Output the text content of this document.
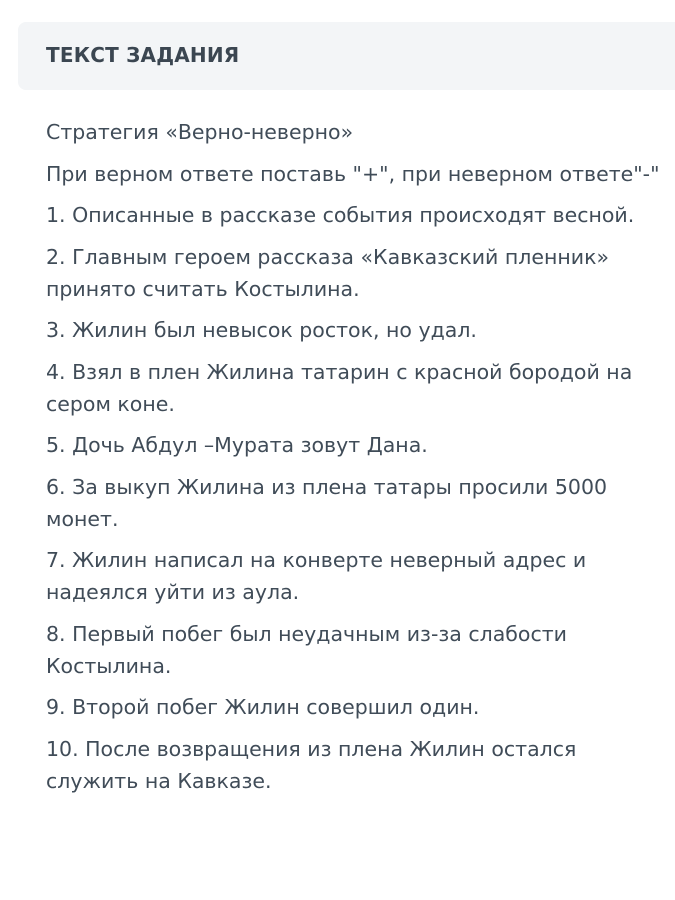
ТЕКСТ ЗАДАНИЯ

Стратегия «Верно-неверно»

При верном ответе поставь "+", при неверном ответе"-"

1. Описанные в рассказе события происходят весной.

2. Главным героем рассказа «Кавказский пленник» принято считать Костылина.

3. Жилин был невысок росток, но удал.

4. Взял в плен Жилина татарин с красной бородой на сером коне.

5. Дочь Абдул –Мурата зовут Дана.

6. За выкуп Жилина из плена татары просили 5000 монет.

7. Жилин написал на конверте неверный адрес и надеялся уйти из аула.

8. Первый побег был неудачным из-за слабости Костылина.

9. Второй побег Жилин совершил один.

10. После возвращения из плена Жилин остался служить на Кавказе.
